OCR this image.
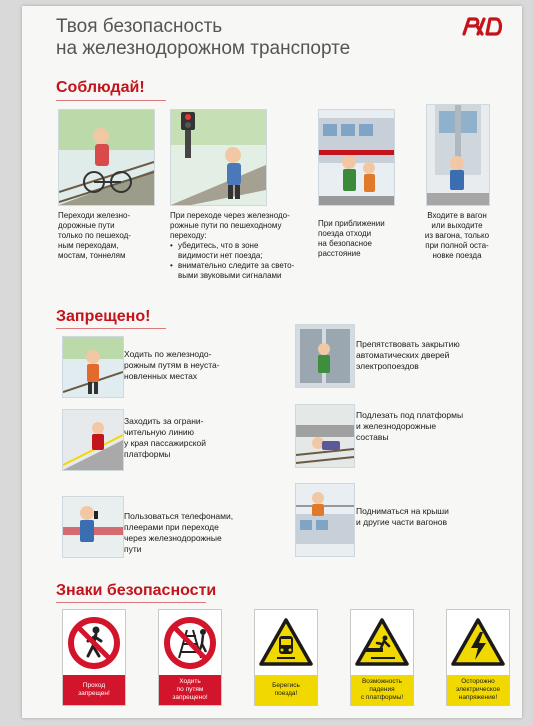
Твоя безопасность
на железнодорожном транспорте
Соблюдай!
Переходи железно-
дорожные пути
только по пешеход-
ным переходам,
мостам, тоннелям
При переходе через железнодо-
рожные пути по пешеходному
переходу:
• убедитесь, что в зоне
видимости нет поезда;
• внимательно следите за свето-
выми звуковыми сигналами
При приближении
поезда отходи
на безопасное
расстояние
Входите в вагон
или выходите
из вагона, только
при полной оста-
новке поезда
Запрещено!
Ходить по железнодо-
рожным путям в неуста-
новленных местах
Препятствовать закрытию
автоматических дверей
электропоездов
Заходить за ограни-
чительную линию
у края пассажирской
платформы
Подлезать под платформы
и железнодорожные
составы
Пользоваться телефонами,
плеерами при переходе
через железнодорожные
пути
Подниматься на крыши
и другие части вагонов
Знаки безопасности
Проход
запрещен!
Ходить
по путям
запрещено!
Берегись
поезда!
Возможность
падения
с платформы!
Осторожно
электрическое
напряжение!
